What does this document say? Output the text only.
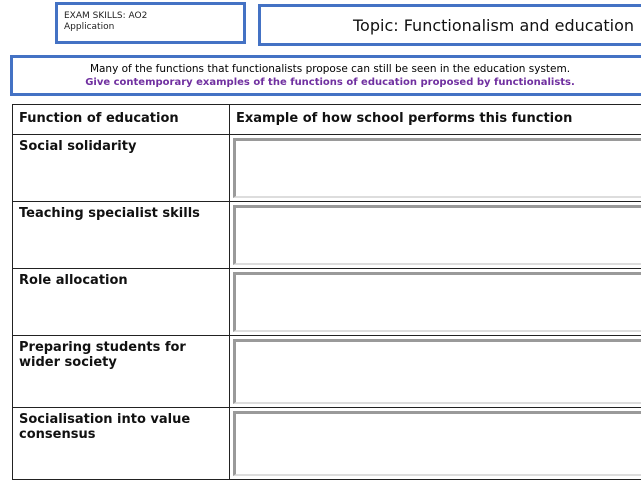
EXAM SKILLS: AO2
Application	Topic: Functionalism and education
Many of the functions that functionalists propose can still be seen in the education system.
Give contemporary examples of the functions of education proposed by functionalists.
Function of education	Example of how school performs this function
Social solidarity	

Teaching specialist skills	

Role allocation	

Preparing students for wider society	

Socialisation into value consensus	
